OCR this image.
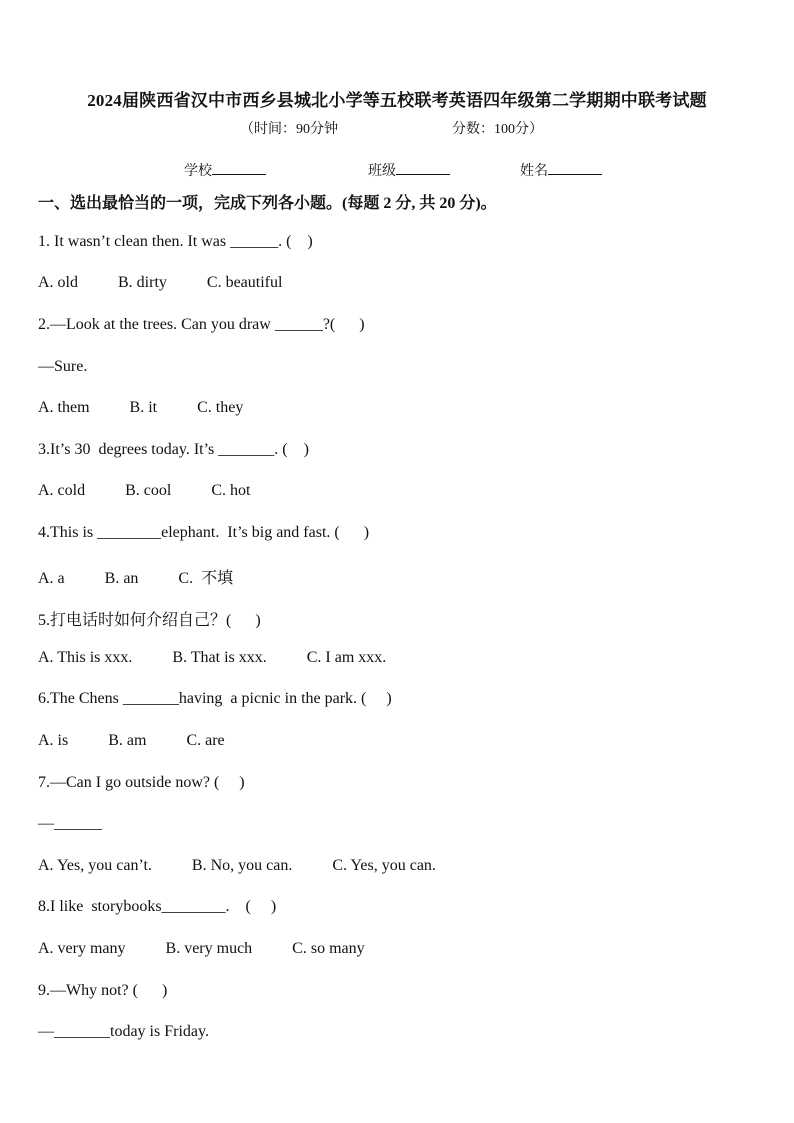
2024届陕西省汉中市西乡县城北小学等五校联考英语四年级第二学期期中联考试题
（时间：90分钟	分数：100分）
学校	班级	姓名
一、选出最恰当的一项，完成下列各小题。(每题 2 分, 共 20 分)。
1. It wasn’t clean then. It was ______. (    )
A. old          B. dirty          C. beautiful
2.—Look at the trees. Can you draw ______?(      )
—Sure.
A. them          B. it          C. they
3.It’s 30  degrees today. It’s _______. (    )
A. cold          B. cool          C. hot
4.This is ________elephant.  It’s big and fast. (      )
A. a          B. an          C.  不填
5.打电话时如何介绍自己？(      )
A. This is xxx.          B. That is xxx.          C. I am xxx.
6.The Chens _______having  a picnic in the park. (     )
A. is          B. am          C. are
7.—Can I go outside now? (     )
—______
A. Yes, you can’t.          B. No, you can.          C. Yes, you can.
8.I like  storybooks________.    (     )
A. very many          B. very much          C. so many
9.—Why not? (      )
—_______today is Friday.
